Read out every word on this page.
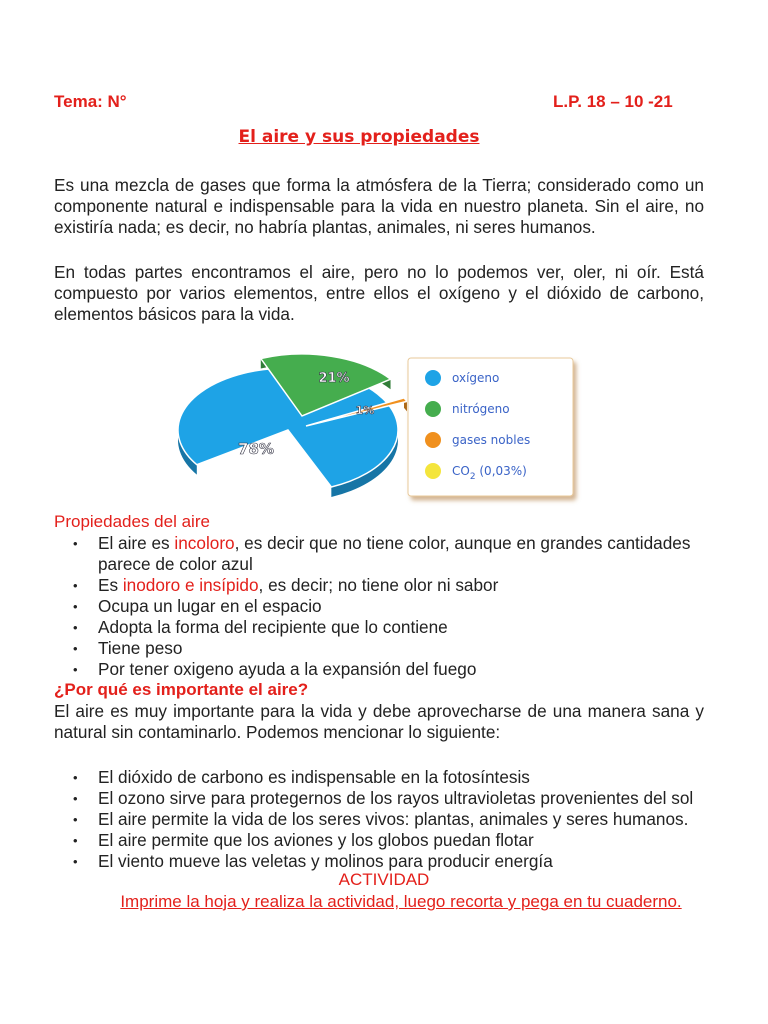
Tema: N°	L.P. 18 – 10 -21
El aire y sus propiedades
Es una mezcla de gases que forma la atmósfera de la Tierra; considerado como un componente natural e indispensable para la vida en nuestro planeta. Sin el aire, no existiría nada; es decir, no habría plantas, animales, ni seres humanos.
En todas partes encontramos el aire, pero no lo podemos ver, oler, ni oír. Está compuesto por varios elementos, entre ellos el oxígeno y el dióxido de carbono, elementos básicos para la vida.
78%
21%
1%
oxígeno
nitrógeno
gases nobles
$CO_2$ (0,03%)
Propiedades del aire
• El aire es incoloro, es decir que no tiene color, aunque en grandes cantidades parece de color azul
• Es inodoro e insípido, es decir; no tiene olor ni sabor
• Ocupa un lugar en el espacio
• Adopta la forma del recipiente que lo contiene
• Tiene peso
• Por tener oxigeno ayuda a la expansión del fuego
¿Por qué es importante el aire?
El aire es muy importante para la vida y debe aprovecharse de una manera sana y natural sin contaminarlo. Podemos mencionar lo siguiente:
• El dióxido de carbono es indispensable en la fotosíntesis
• El ozono sirve para protegernos de los rayos ultravioletas provenientes del sol
• El aire permite la vida de los seres vivos: plantas, animales y seres humanos.
• El aire permite que los aviones y los globos puedan flotar
• El viento mueve las veletas y molinos para producir energía
ACTIVIDAD
Imprime la hoja y realiza la actividad, luego recorta y pega en tu cuaderno.
